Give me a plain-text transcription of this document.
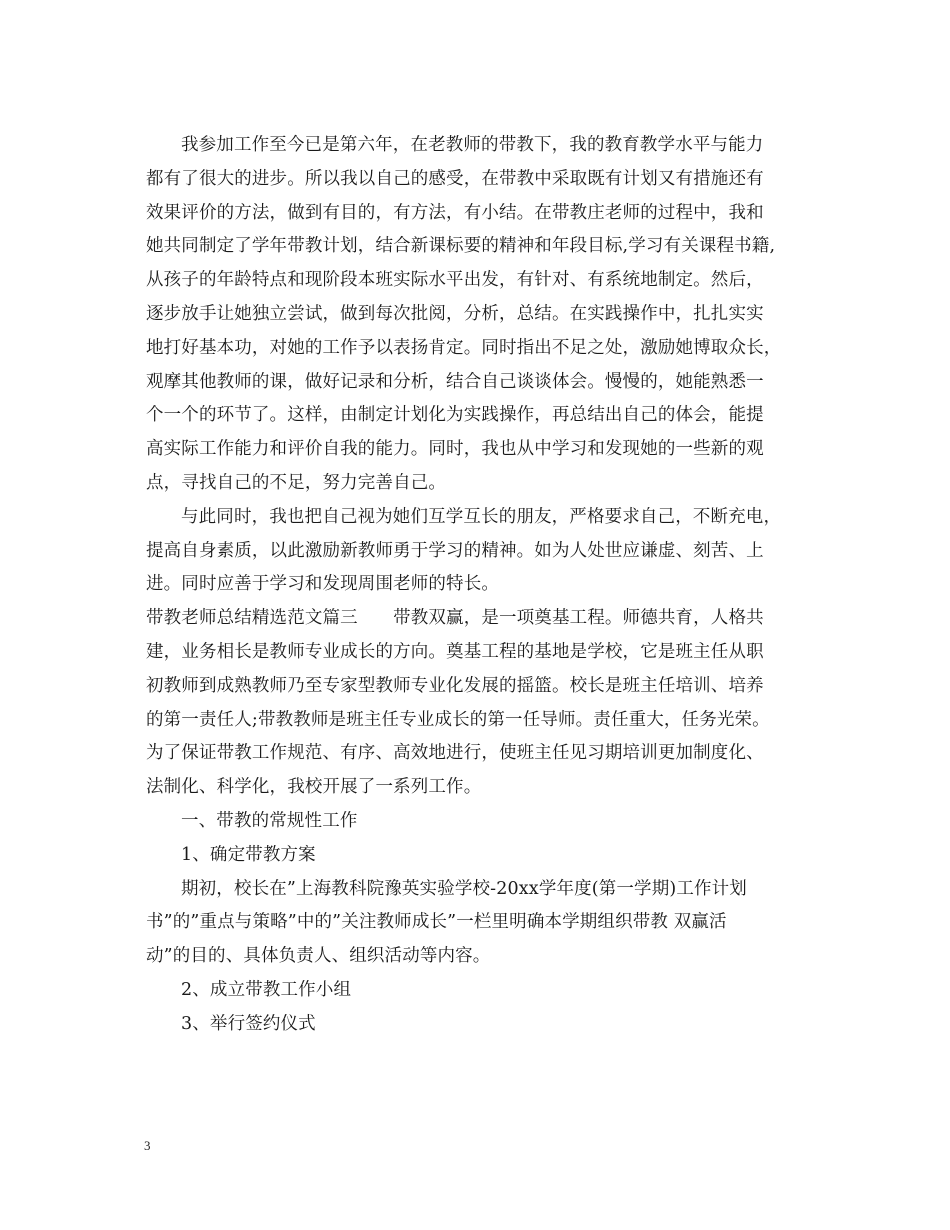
我参加工作至今已是第六年，在老教师的带教下，我的教育教学水平与能力
都有了很大的进步。所以我以自己的感受，在带教中采取既有计划又有措施还有
效果评价的方法，做到有目的，有方法，有小结。在带教庄老师的过程中，我和
她共同制定了学年带教计划，结合新课标要的精神和年段目标,学习有关课程书籍,
从孩子的年龄特点和现阶段本班实际水平出发，有针对、有系统地制定。然后，
逐步放手让她独立尝试，做到每次批阅，分析，总结。在实践操作中，扎扎实实
地打好基本功，对她的工作予以表扬肯定。同时指出不足之处，激励她博取众长，
观摩其他教师的课，做好记录和分析，结合自己谈谈体会。慢慢的，她能熟悉一
个一个的环节了。这样，由制定计划化为实践操作，再总结出自己的体会，能提
高实际工作能力和评价自我的能力。同时，我也从中学习和发现她的一些新的观
点，寻找自己的不足，努力完善自己。
与此同时，我也把自己视为她们互学互长的朋友，严格要求自己，不断充电，
提高自身素质，以此激励新教师勇于学习的精神。如为人处世应谦虚、刻苦、上
进。同时应善于学习和发现周围老师的特长。
带教老师总结精选范文篇三　　带教双赢，是一项奠基工程。师德共育，人格共
建，业务相长是教师专业成长的方向。奠基工程的基地是学校，它是班主任从职
初教师到成熟教师乃至专家型教师专业化发展的摇篮。校长是班主任培训、培养
的第一责任人;带教教师是班主任专业成长的第一任导师。责任重大，任务光荣。
为了保证带教工作规范、有序、高效地进行，使班主任见习期培训更加制度化、
法制化、科学化，我校开展了一系列工作。
一、带教的常规性工作
1、确定带教方案
期初，校长在”上海教科院豫英实验学校-20xx学年度(第一学期)工作计划
书”的”重点与策略”中的”关注教师成长”一栏里明确本学期组织带教 双赢活
动”的目的、具体负责人、组织活动等内容。
2、成立带教工作小组
3、举行签约仪式
3
